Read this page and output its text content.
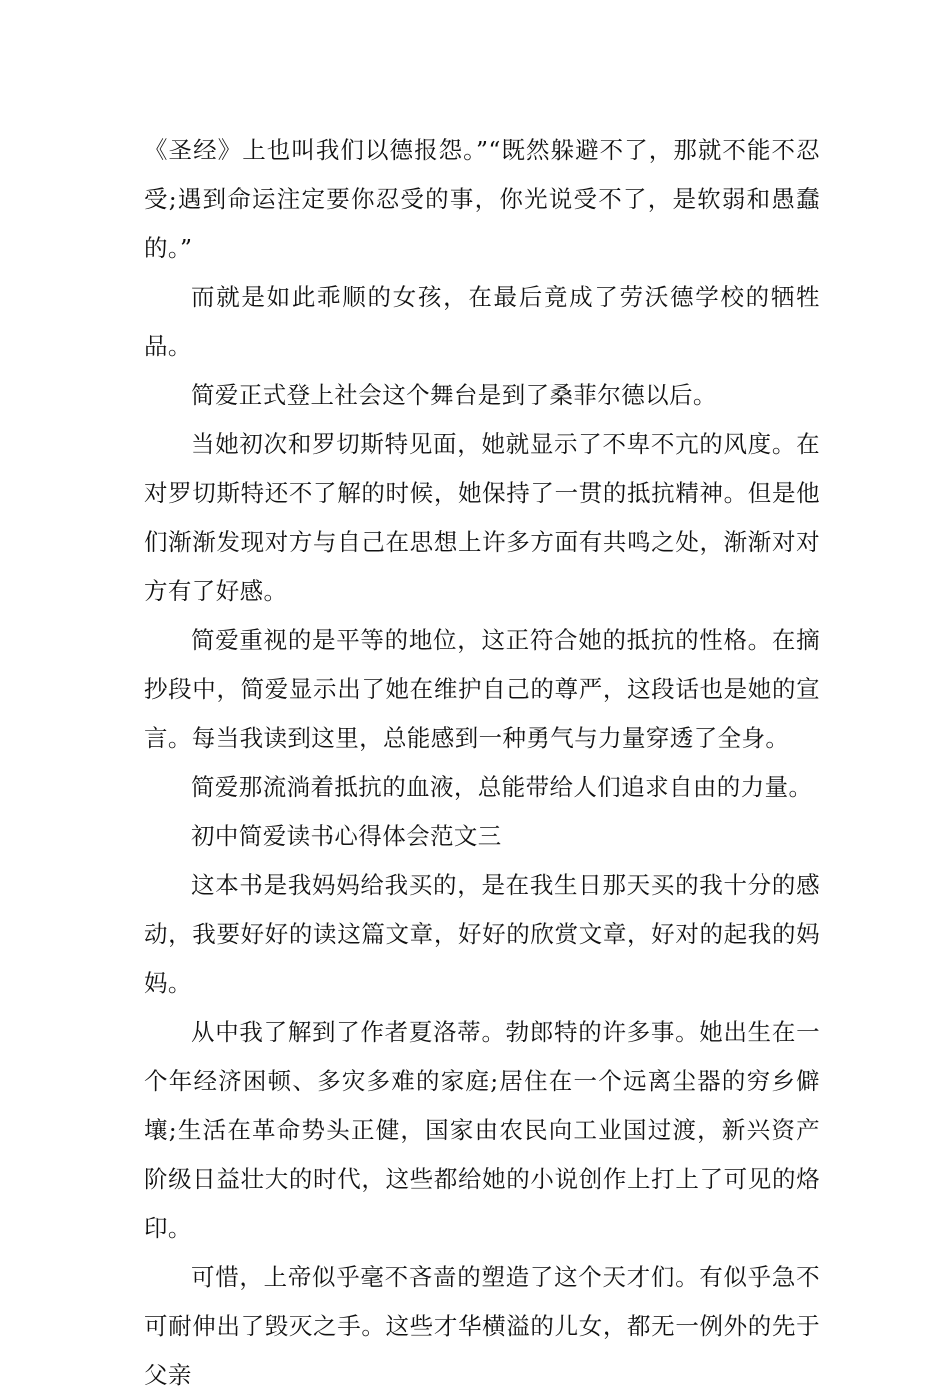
《圣经》上也叫我们以德报怨。”“既然躲避不了，那就不能不忍受;遇到命运注定要你忍受的事，你光说受不了，是软弱和愚蠢的。”

而就是如此乖顺的女孩，在最后竟成了劳沃德学校的牺牲品。

简爱正式登上社会这个舞台是到了桑菲尔德以后。

当她初次和罗切斯特见面，她就显示了不卑不亢的风度。在对罗切斯特还不了解的时候，她保持了一贯的抵抗精神。但是他们渐渐发现对方与自己在思想上许多方面有共鸣之处，渐渐对对方有了好感。

简爱重视的是平等的地位，这正符合她的抵抗的性格。在摘抄段中，简爱显示出了她在维护自己的尊严，这段话也是她的宣言。每当我读到这里，总能感到一种勇气与力量穿透了全身。

简爱那流淌着抵抗的血液，总能带给人们追求自由的力量。

初中简爱读书心得体会范文三

这本书是我妈妈给我买的，是在我生日那天买的我十分的感动，我要好好的读这篇文章，好好的欣赏文章，好对的起我的妈妈。

从中我了解到了作者夏洛蒂。勃郎特的许多事。她出生在一个年经济困顿、多灾多难的家庭;居住在一个远离尘器的穷乡僻壤;生活在革命势头正健，国家由农民向工业国过渡，新兴资产阶级日益壮大的时代，这些都给她的小说创作上打上了可见的烙印。

可惜，上帝似乎毫不吝啬的塑造了这个天才们。有似乎急不可耐伸出了毁灭之手。这些才华横溢的儿女，都无一例外的先于父亲
